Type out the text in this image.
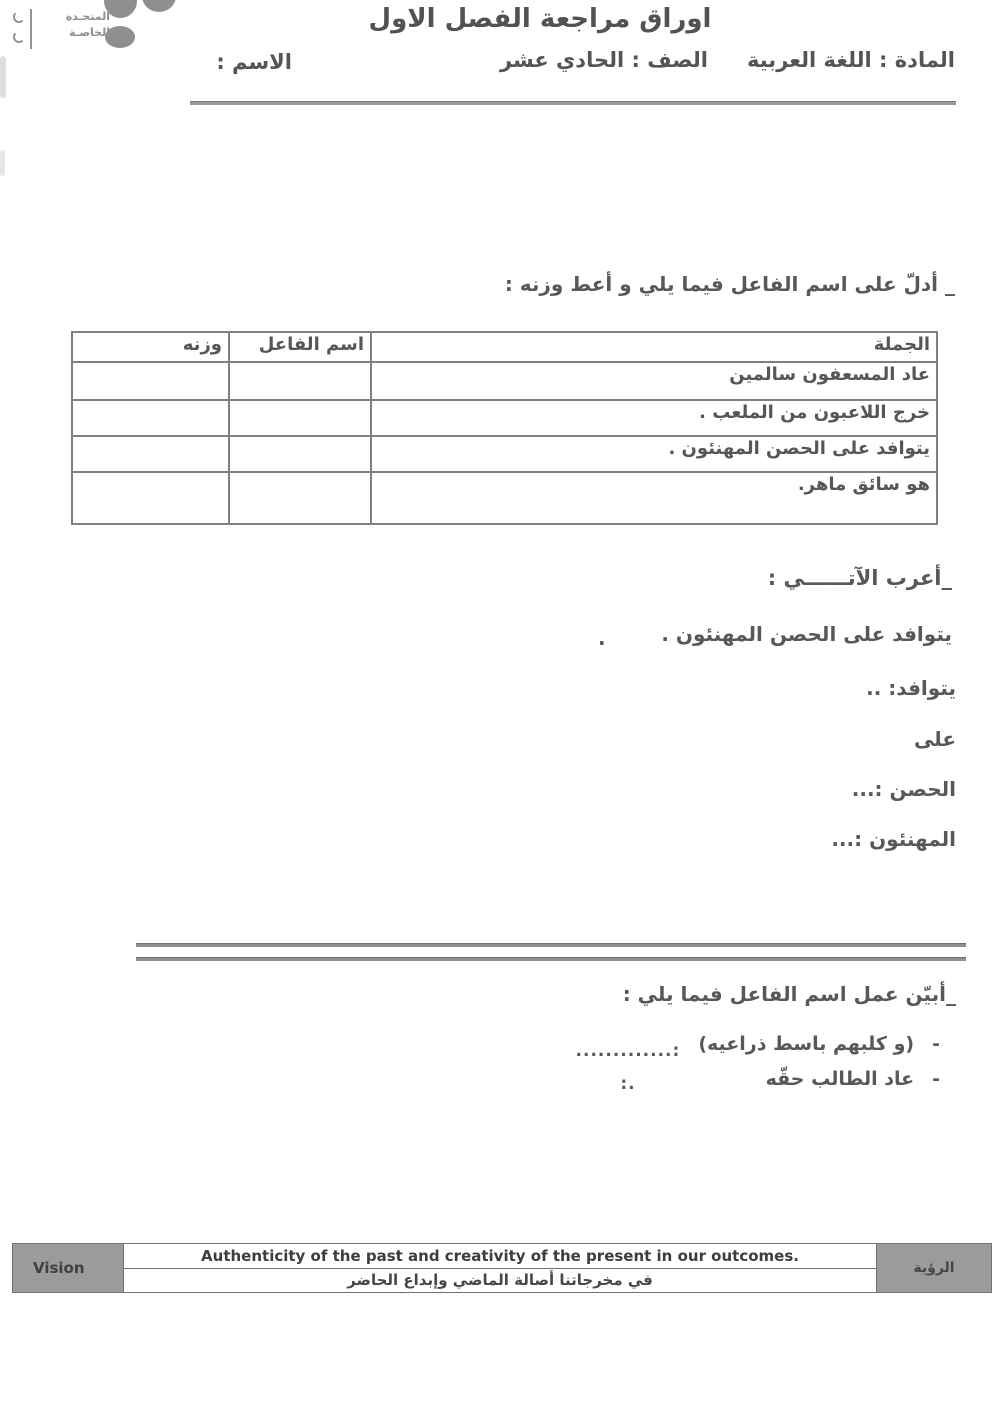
المتحـدة
الخاصـة	اوراق مراجعة الفصل الاول
المادة : اللغة العربية
الصف : الحادي عشر
الاسم :
_ أدلّ على اسم الفاعل فيما يلي و أعط وزنه :
الجملة	اسم الفاعل	وزنه
عاد المسعفون سالمين		
خرج اللاعبون من الملعب .		
يتوافد على الحصن المهنئون .		
هو سائق ماهر.		
_أعرب الآتــــــي :
يتوافد على الحصن المهنئون .
.
يتوافد: ..
على
الحصن :...
المهنئون :...
_أبيّن عمل اسم الفاعل فيما يلي :
-
(و كلبهم باسط ذراعيه)
:.............
-
عاد الطالب حقّه
.:
Vision
Authenticity of the past and creativity of the present in our outcomes.
في مخرجاتنا أصالة الماضي وإبداع الحاضر
الرؤية
